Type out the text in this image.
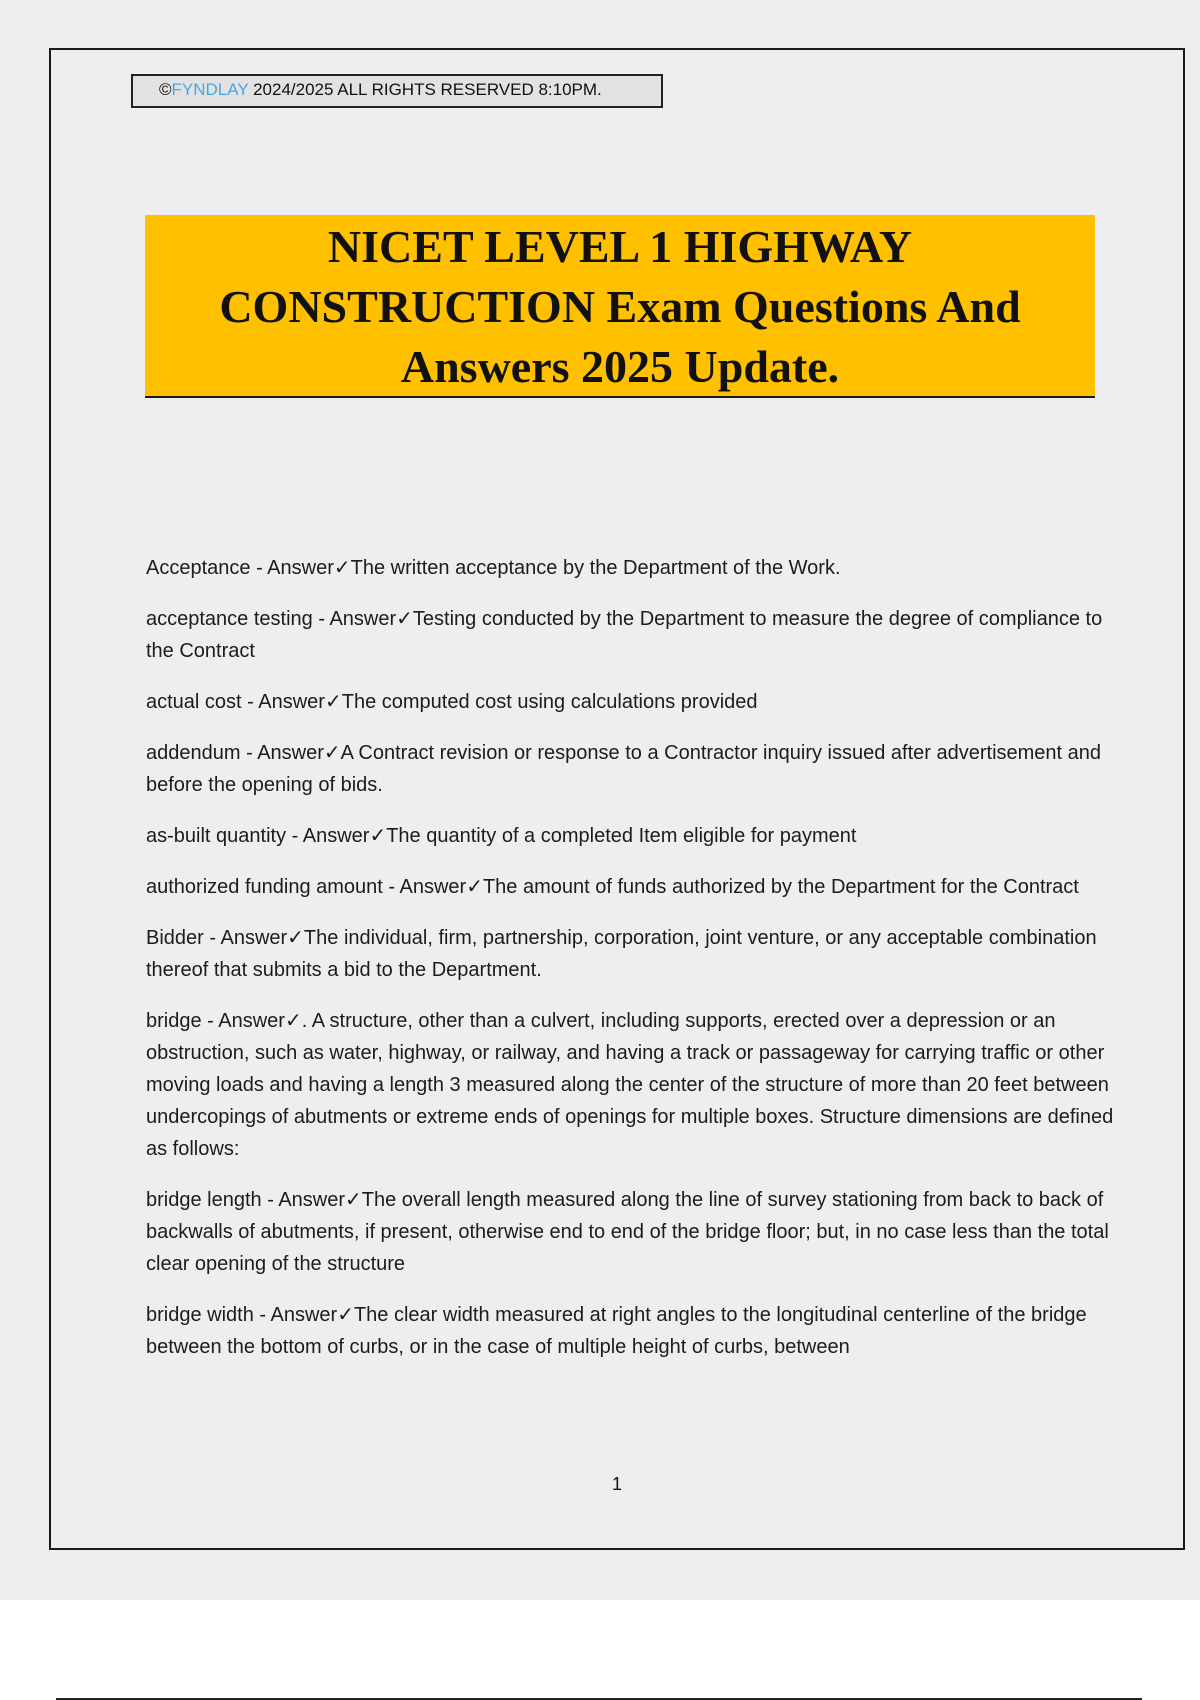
©FYNDLAY 2024/2025 ALL RIGHTS RESERVED 8:10PM.
NICET LEVEL 1 HIGHWAY
CONSTRUCTION Exam Questions And
Answers 2025 Update.

Acceptance - Answer✓The written acceptance by the Department of the Work.

acceptance testing - Answer✓Testing conducted by the Department to measure the degree of compliance to the Contract

actual cost - Answer✓The computed cost using calculations provided

addendum - Answer✓A Contract revision or response to a Contractor inquiry issued after advertisement and before the opening of bids.

as-built quantity - Answer✓The quantity of a completed Item eligible for payment

authorized funding amount - Answer✓The amount of funds authorized by the Department for the Contract

Bidder - Answer✓The individual, firm, partnership, corporation, joint venture, or any acceptable combination thereof that submits a bid to the Department.

bridge - Answer✓. A structure, other than a culvert, including supports, erected over a depression or an obstruction, such as water, highway, or railway, and having a track or passageway for carrying traffic or other moving loads and having a length 3 measured along the center of the structure of more than 20 feet between undercopings of abutments or extreme ends of openings for multiple boxes. Structure dimensions are defined as follows:

bridge length - Answer✓The overall length measured along the line of survey stationing from back to back of backwalls of abutments, if present, otherwise end to end of the bridge floor; but, in no case less than the total clear opening of the structure

bridge width - Answer✓The clear width measured at right angles to the longitudinal centerline of the bridge between the bottom of curbs, or in the case of multiple height of curbs, between

1
